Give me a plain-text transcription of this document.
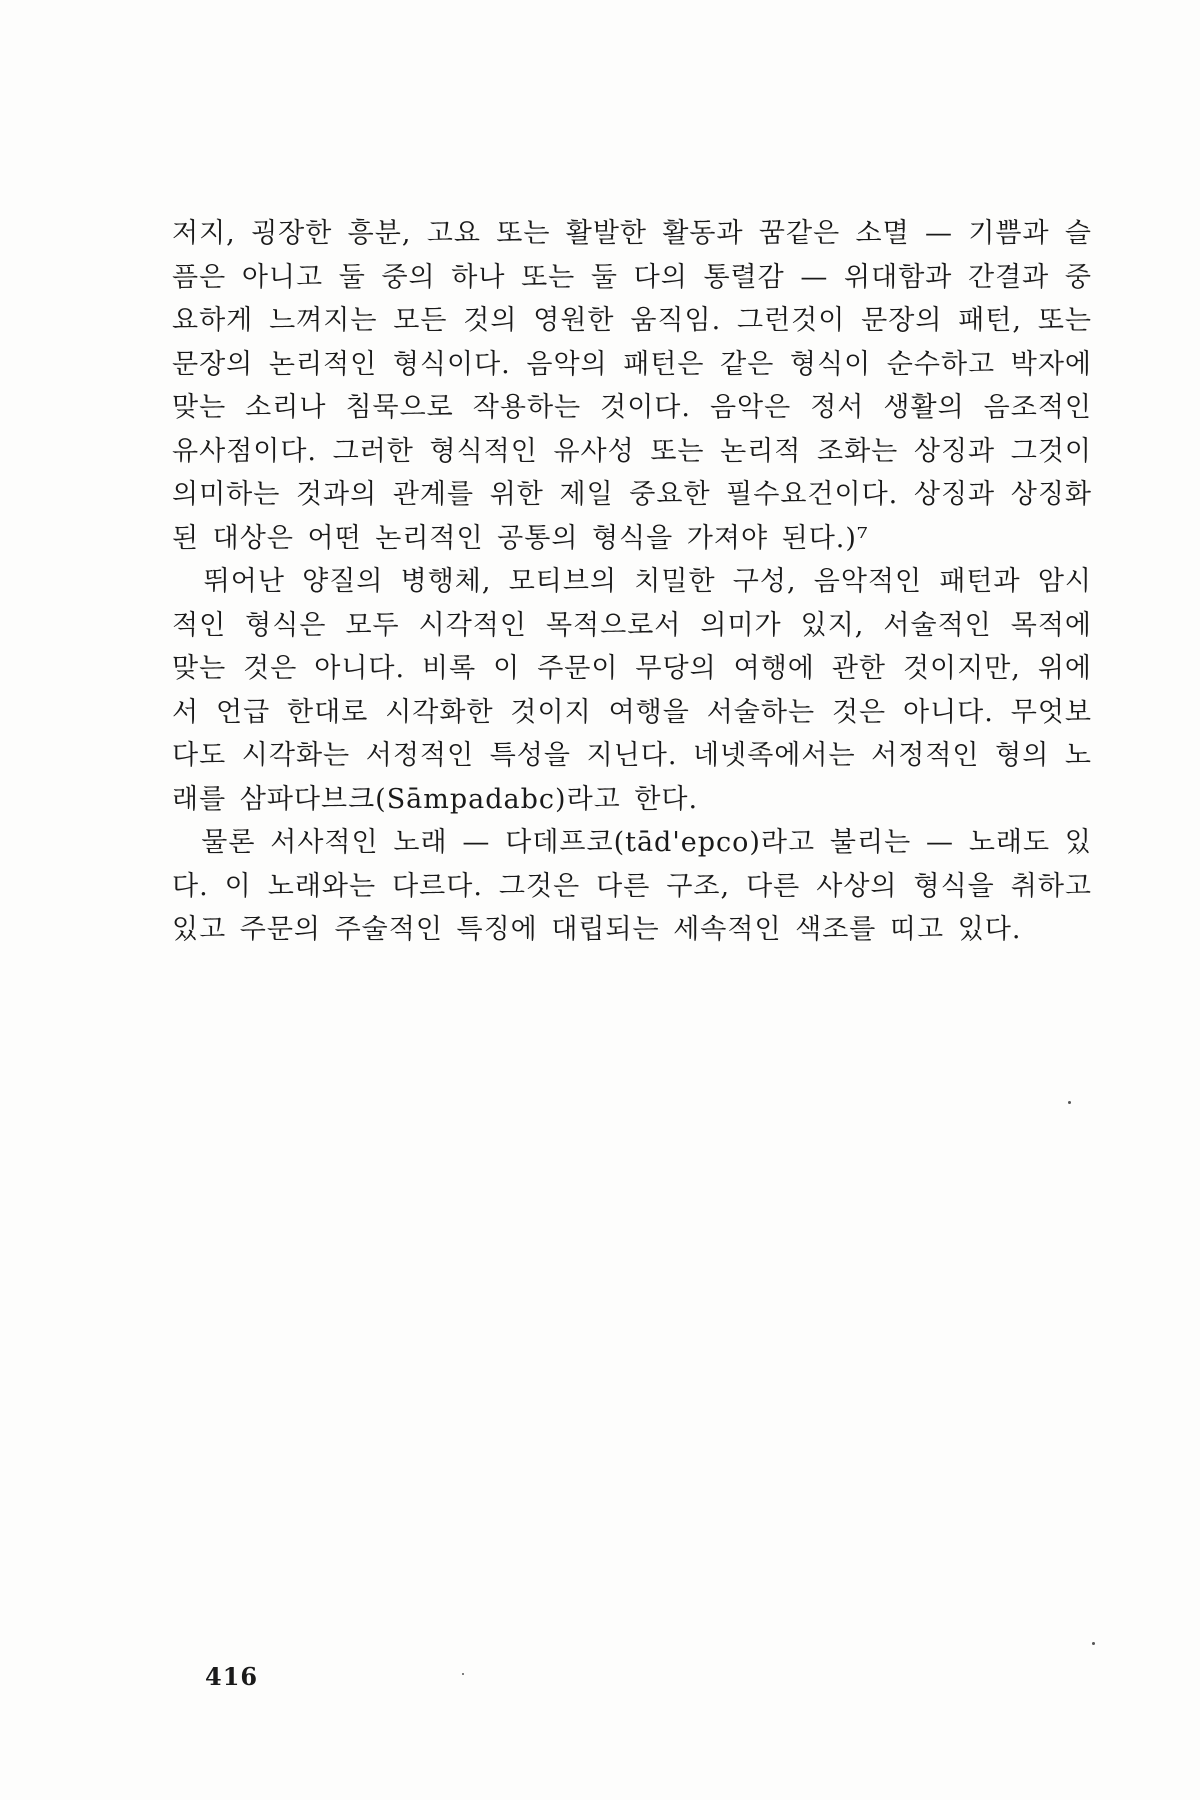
저지, 굉장한 흥분, 고요 또는 활발한 활동과 꿈같은 소멸 — 기쁨과 슬
픔은 아니고 둘 중의 하나 또는 둘 다의 통렬감 — 위대함과 간결과 중
요하게 느껴지는 모든 것의 영원한 움직임. 그런것이 문장의 패턴, 또는
문장의 논리적인 형식이다. 음악의 패턴은 같은 형식이 순수하고 박자에
맞는 소리나 침묵으로 작용하는 것이다. 음악은 정서 생활의 음조적인
유사점이다. 그러한 형식적인 유사성 또는 논리적 조화는 상징과 그것이
의미하는 것과의 관계를 위한 제일 중요한 필수요건이다. 상징과 상징화
된 대상은 어떤 논리적인 공통의 형식을 가져야 된다.)⁷
　뛰어난 양질의 병행체, 모티브의 치밀한 구성, 음악적인 패턴과 암시
적인 형식은 모두 시각적인 목적으로서 의미가 있지, 서술적인 목적에
맞는 것은 아니다. 비록 이 주문이 무당의 여행에 관한 것이지만, 위에
서 언급 한대로 시각화한 것이지 여행을 서술하는 것은 아니다. 무엇보
다도 시각화는 서정적인 특성을 지닌다. 네넷족에서는 서정적인 형의 노
래를 삼파다브크(Sāmpadabc)라고 한다.
　물론 서사적인 노래 — 다데프코(tād'epco)라고 불리는 — 노래도 있
다. 이 노래와는 다르다. 그것은 다른 구조, 다른 사상의 형식을 취하고
있고 주문의 주술적인 특징에 대립되는 세속적인 색조를 띠고 있다.
416
